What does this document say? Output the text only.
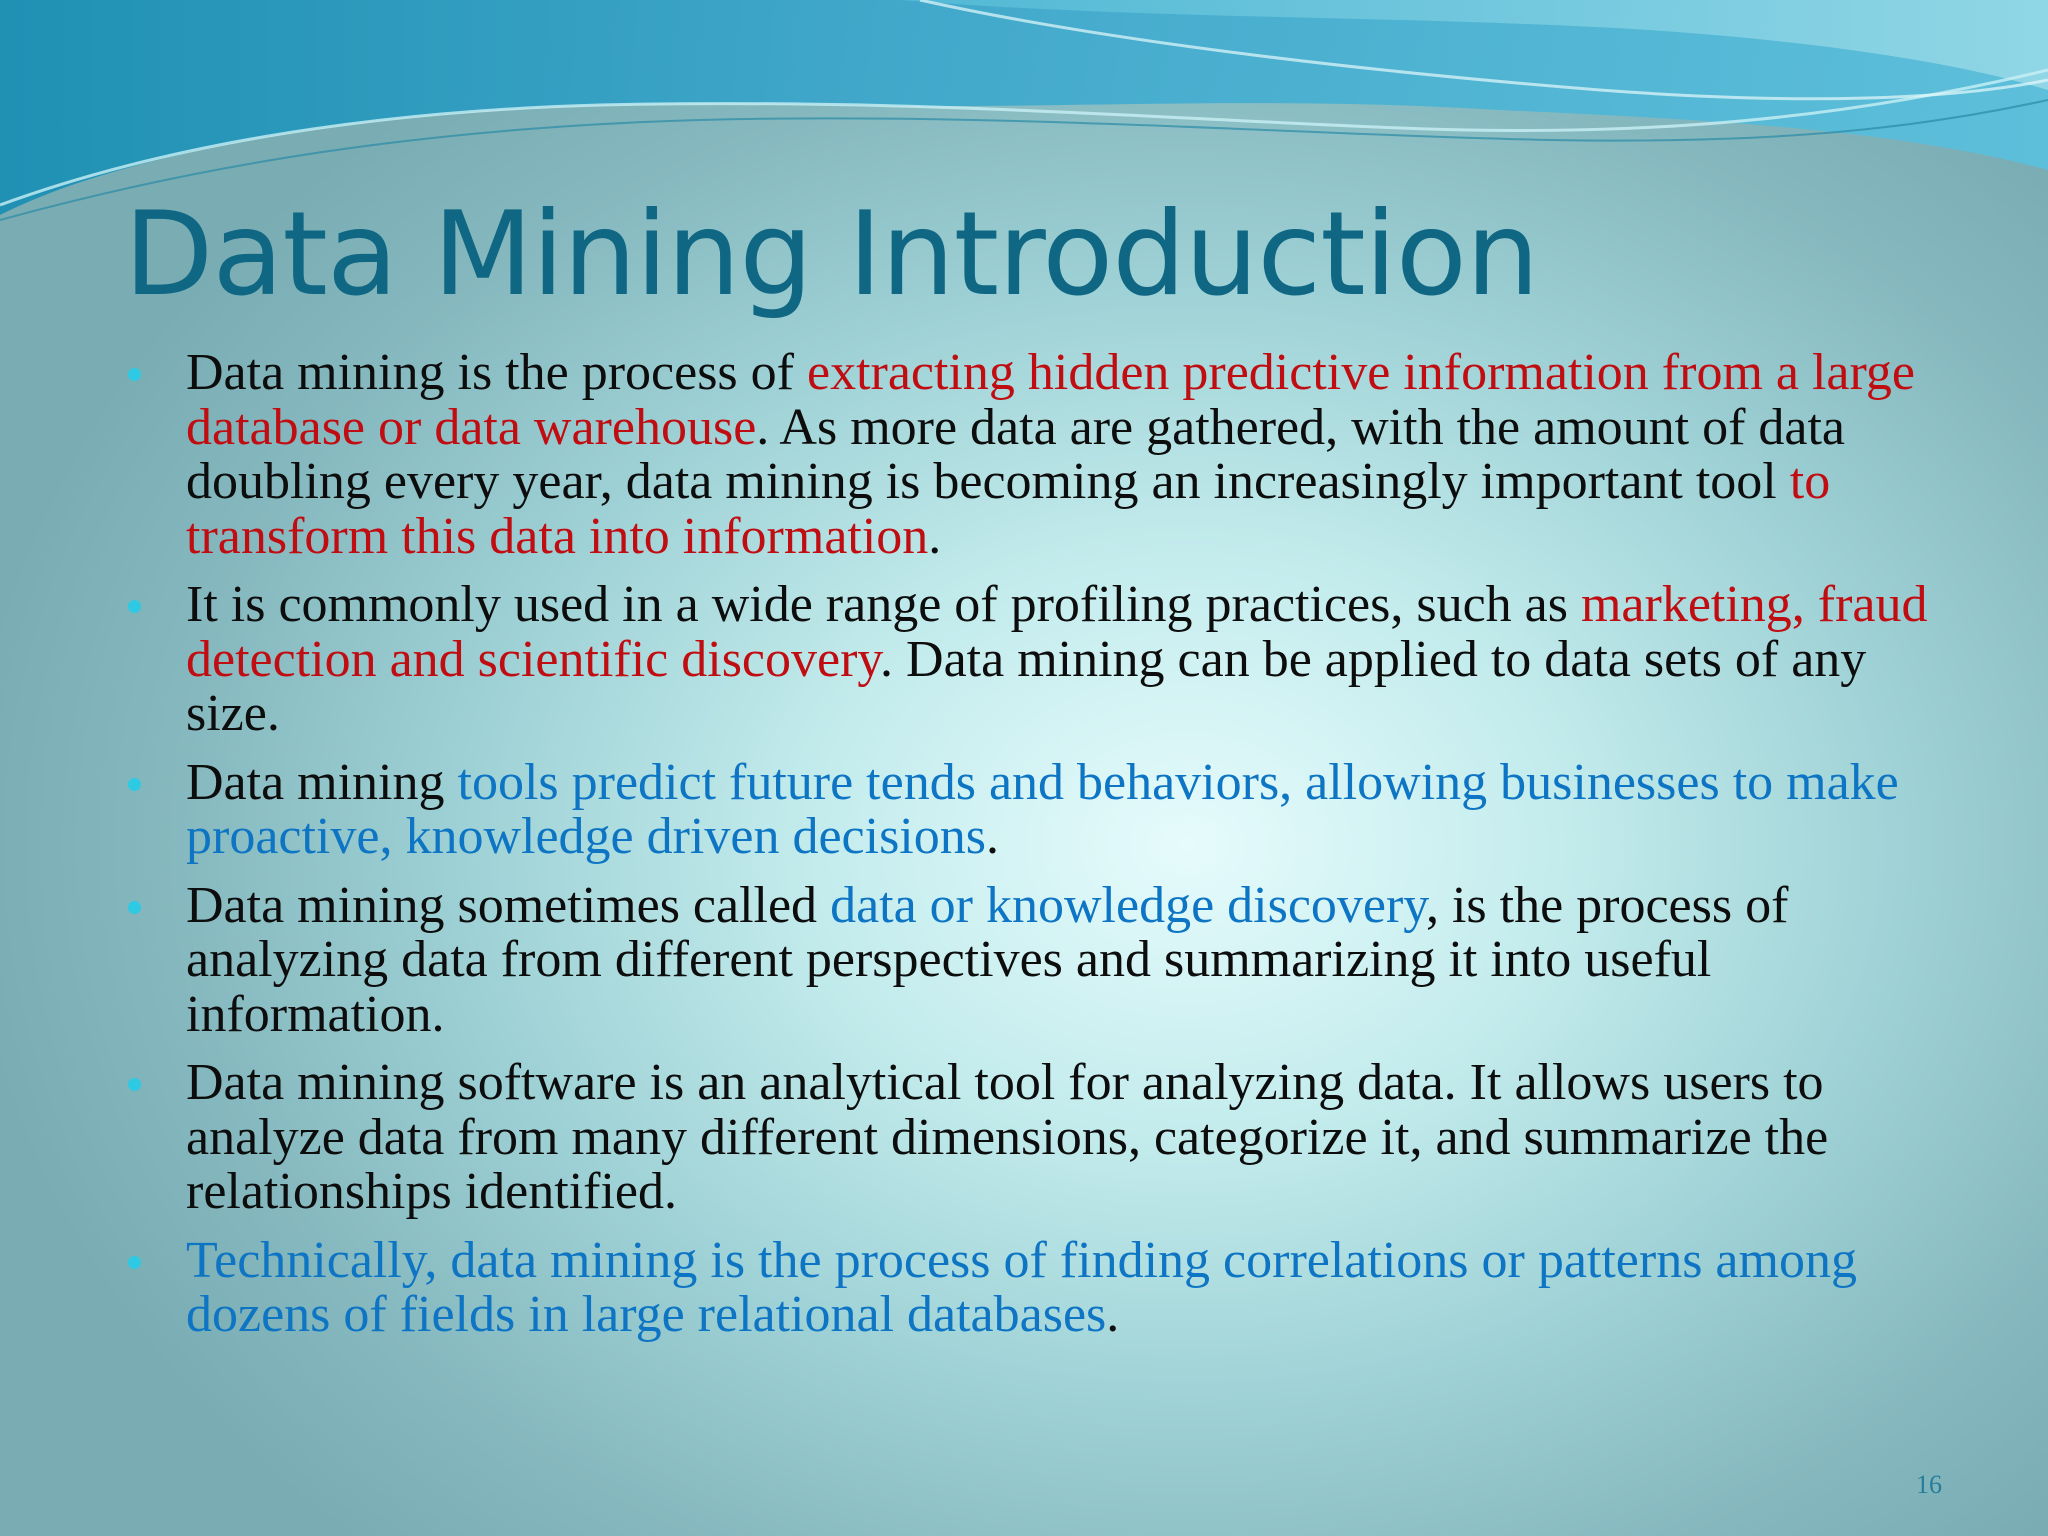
Data Mining Introduction
Data mining is the process of extracting hidden predictive information from a large database or data warehouse. As more data are gathered, with the amount of data doubling every year, data mining is becoming an increasingly important tool to transform this data into information.
It is commonly used in a wide range of profiling practices, such as marketing, fraud detection and scientific discovery. Data mining can be applied to data sets of any size.
Data mining tools predict future tends and behaviors, allowing businesses to make proactive, knowledge driven decisions.
Data mining sometimes called data or knowledge discovery, is the process of analyzing data from different perspectives and summarizing it into useful information.
Data mining software is an analytical tool for analyzing data. It allows users to analyze data from many different dimensions, categorize it, and summarize the relationships identified.
Technically, data mining is the process of finding correlations or patterns among dozens of fields in large relational databases.
16
